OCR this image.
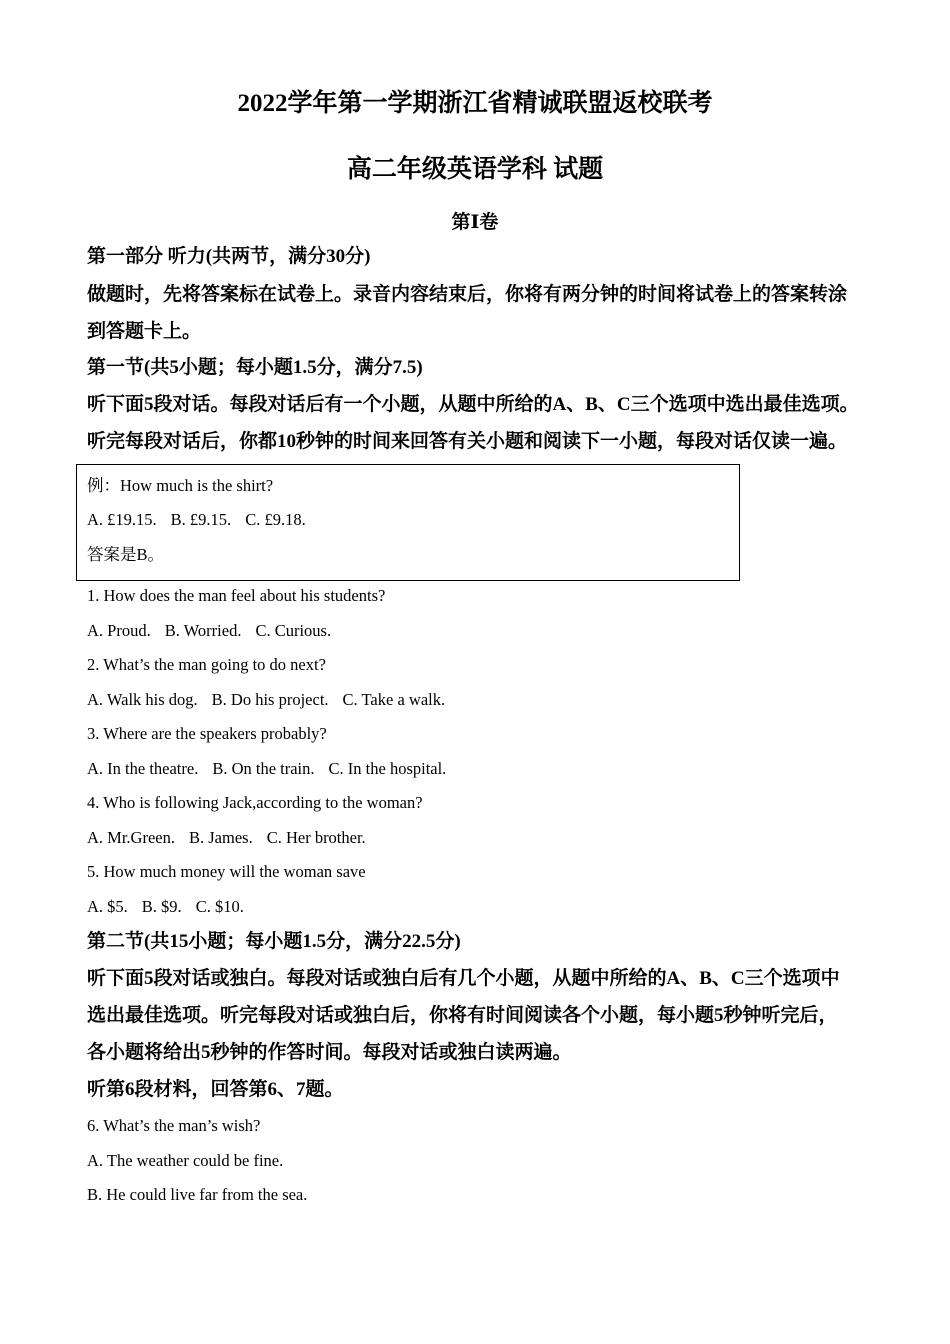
2022学年第一学期浙江省精诚联盟返校联考
高二年级英语学科 试题
第Ⅰ卷
第一部分 听力(共两节，满分30分)
做题时，先将答案标在试卷上。录音内容结束后，你将有两分钟的时间将试卷上的答案转涂
到答题卡上。
第一节(共5小题；每小题1.5分，满分7.5)
听下面5段对话。每段对话后有一个小题，从题中所给的A、B、C三个选项中选出最佳选项。
听完每段对话后，你都10秒钟的时间来回答有关小题和阅读下一小题，每段对话仅读一遍。
例：How much is the shirt?
A. £19.15. B. £9.15. C. £9.18.
答案是B。
1. How does the man feel about his students?
A. Proud. B. Worried. C. Curious.
2. What’s the man going to do next?
A. Walk his dog. B. Do his project. C. Take a walk.
3. Where are the speakers probably?
A. In the theatre. B. On the train. C. In the hospital.
4. Who is following Jack,according to the woman?
A. Mr.Green. B. James. C. Her brother.
5. How much money will the woman save
A. $5. B. $9. C. $10.
第二节(共15小题；每小题1.5分，满分22.5分)
听下面5段对话或独白。每段对话或独白后有几个小题，从题中所给的A、B、C三个选项中
选出最佳选项。听完每段对话或独白后，你将有时间阅读各个小题，每小题5秒钟听完后，
各小题将给出5秒钟的作答时间。每段对话或独白读两遍。
听第6段材料，回答第6、7题。
6. What’s the man’s wish?
A. The weather could be fine.
B. He could live far from the sea.
